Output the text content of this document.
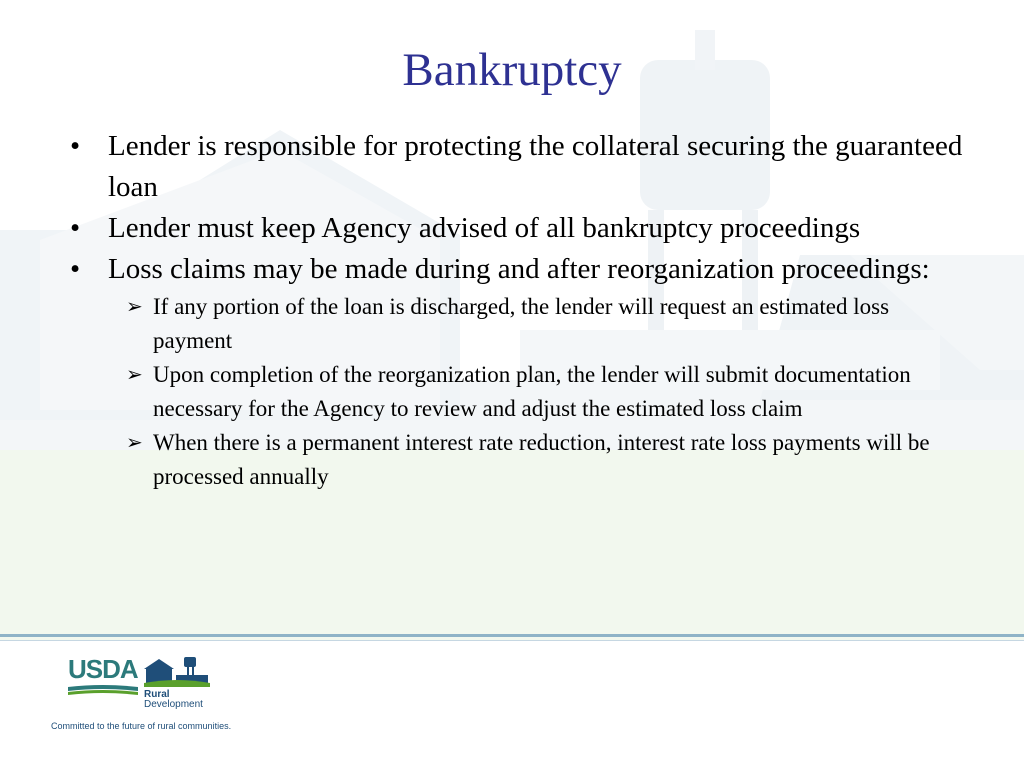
Bankruptcy

• Lender is responsible for protecting the collateral securing the guaranteed loan

• Lender must keep Agency advised of all bankruptcy proceedings

• Loss claims may be made during and after reorganization proceedings:

➢ If any portion of the loan is discharged, the lender will request an estimated loss payment

➢ Upon completion of the reorganization plan, the lender will submit documentation necessary for the Agency to review and adjust the estimated loss claim

➢ When there is a permanent interest rate reduction, interest rate loss payments will be processed annually

USDA
Rural
Development
Committed to the future of rural communities.
